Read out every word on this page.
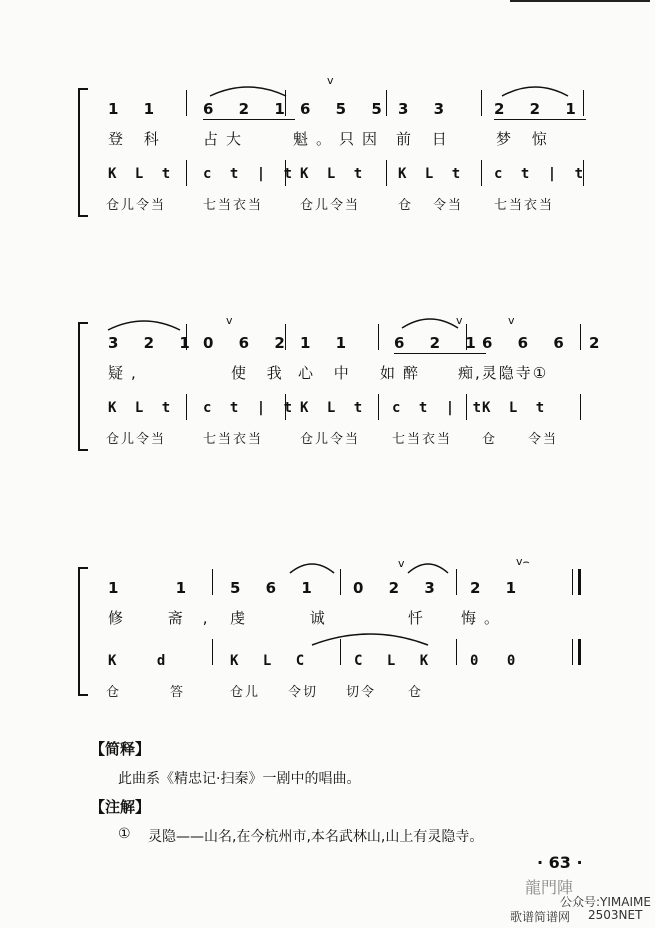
v
1 1	6 2 1 6 5 5 3 3	2 2 1
登 科 占大	魁。只因 前 日	梦 惊
K L t c t | t K L t K L t c t | t
仓儿令当	七当衣当	仓儿令当	仓 令当 七当衣当
v	v	v
3 2 1 0 6 2 1 1	6 2 1
6 6 6 2
疑,	使 我 心 中 如醉 痴,灵隐寺①
K L t c t | t K L t c t | t
K L t
仓儿令当	七当衣当	仓儿令当 七当衣当 仓 令当
v	v⌢
1 1 5 6 1 0 2 3 2 1
修 斋, 虔 诚	忏 悔。
K d	K L C	C L K 0 0
仓	答	仓儿 令切 切令 仓
【简释】
此曲系《精忠记·扫秦》一剧中的唱曲。
【注解】
① 灵隐——山名,在今杭州市,本名武林山,山上有灵隐寺。
· 63 ·
龍門陣
公众号:YIMAIME
歌谱简谱网 2503NET
